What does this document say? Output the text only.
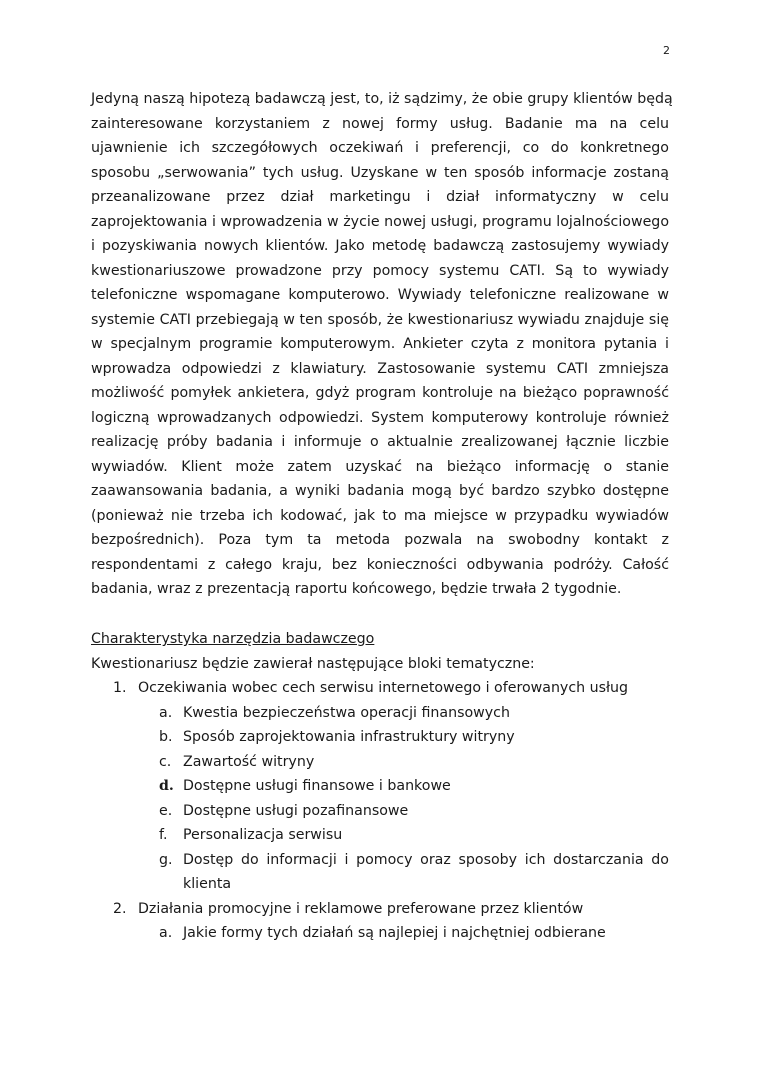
2
Jedyną naszą hipotezą badawczą jest, to, iż sądzimy, że obie grupy klientów będą
zainteresowane korzystaniem z nowej formy usług. Badanie ma na celu
ujawnienie ich szczegółowych oczekiwań i preferencji, co do konkretnego
sposobu „serwowania” tych usług. Uzyskane w ten sposób informacje zostaną
przeanalizowane przez dział marketingu i dział informatyczny w celu
zaprojektowania i wprowadzenia w życie nowej usługi, programu lojalnościowego
i pozyskiwania nowych klientów. Jako metodę badawczą zastosujemy wywiady
kwestionariuszowe prowadzone przy pomocy systemu CATI. Są to wywiady
telefoniczne wspomagane komputerowo. Wywiady telefoniczne realizowane w
systemie CATI przebiegają w ten sposób, że kwestionariusz wywiadu znajduje się
w specjalnym programie komputerowym. Ankieter czyta z monitora pytania i
wprowadza odpowiedzi z klawiatury. Zastosowanie systemu CATI zmniejsza
możliwość pomyłek ankietera, gdyż program kontroluje na bieżąco poprawność
logiczną wprowadzanych odpowiedzi. System komputerowy kontroluje również
realizację próby badania i informuje o aktualnie zrealizowanej łącznie liczbie
wywiadów. Klient może zatem uzyskać na bieżąco informację o stanie
zaawansowania badania, a wyniki badania mogą być bardzo szybko dostępne
(ponieważ nie trzeba ich kodować, jak to ma miejsce w przypadku wywiadów
bezpośrednich). Poza tym ta metoda pozwala na swobodny kontakt z
respondentami z całego kraju, bez konieczności odbywania podróży. Całość
badania, wraz z prezentacją raportu końcowego, będzie trwała 2 tygodnie.
Charakterystyka narzędzia badawczego
Kwestionariusz będzie zawierał następujące bloki tematyczne:
1. Oczekiwania wobec cech serwisu internetowego i oferowanych usług
a. Kwestia bezpieczeństwa operacji finansowych
b. Sposób zaprojektowania infrastruktury witryny
c. Zawartość witryny
d. Dostępne usługi finansowe i bankowe
e. Dostępne usługi pozafinansowe
f. Personalizacja serwisu
g. Dostęp do informacji i pomocy oraz sposoby ich dostarczania do
klienta
2. Działania promocyjne i reklamowe preferowane przez klientów
a. Jakie formy tych działań są najlepiej i najchętniej odbierane
